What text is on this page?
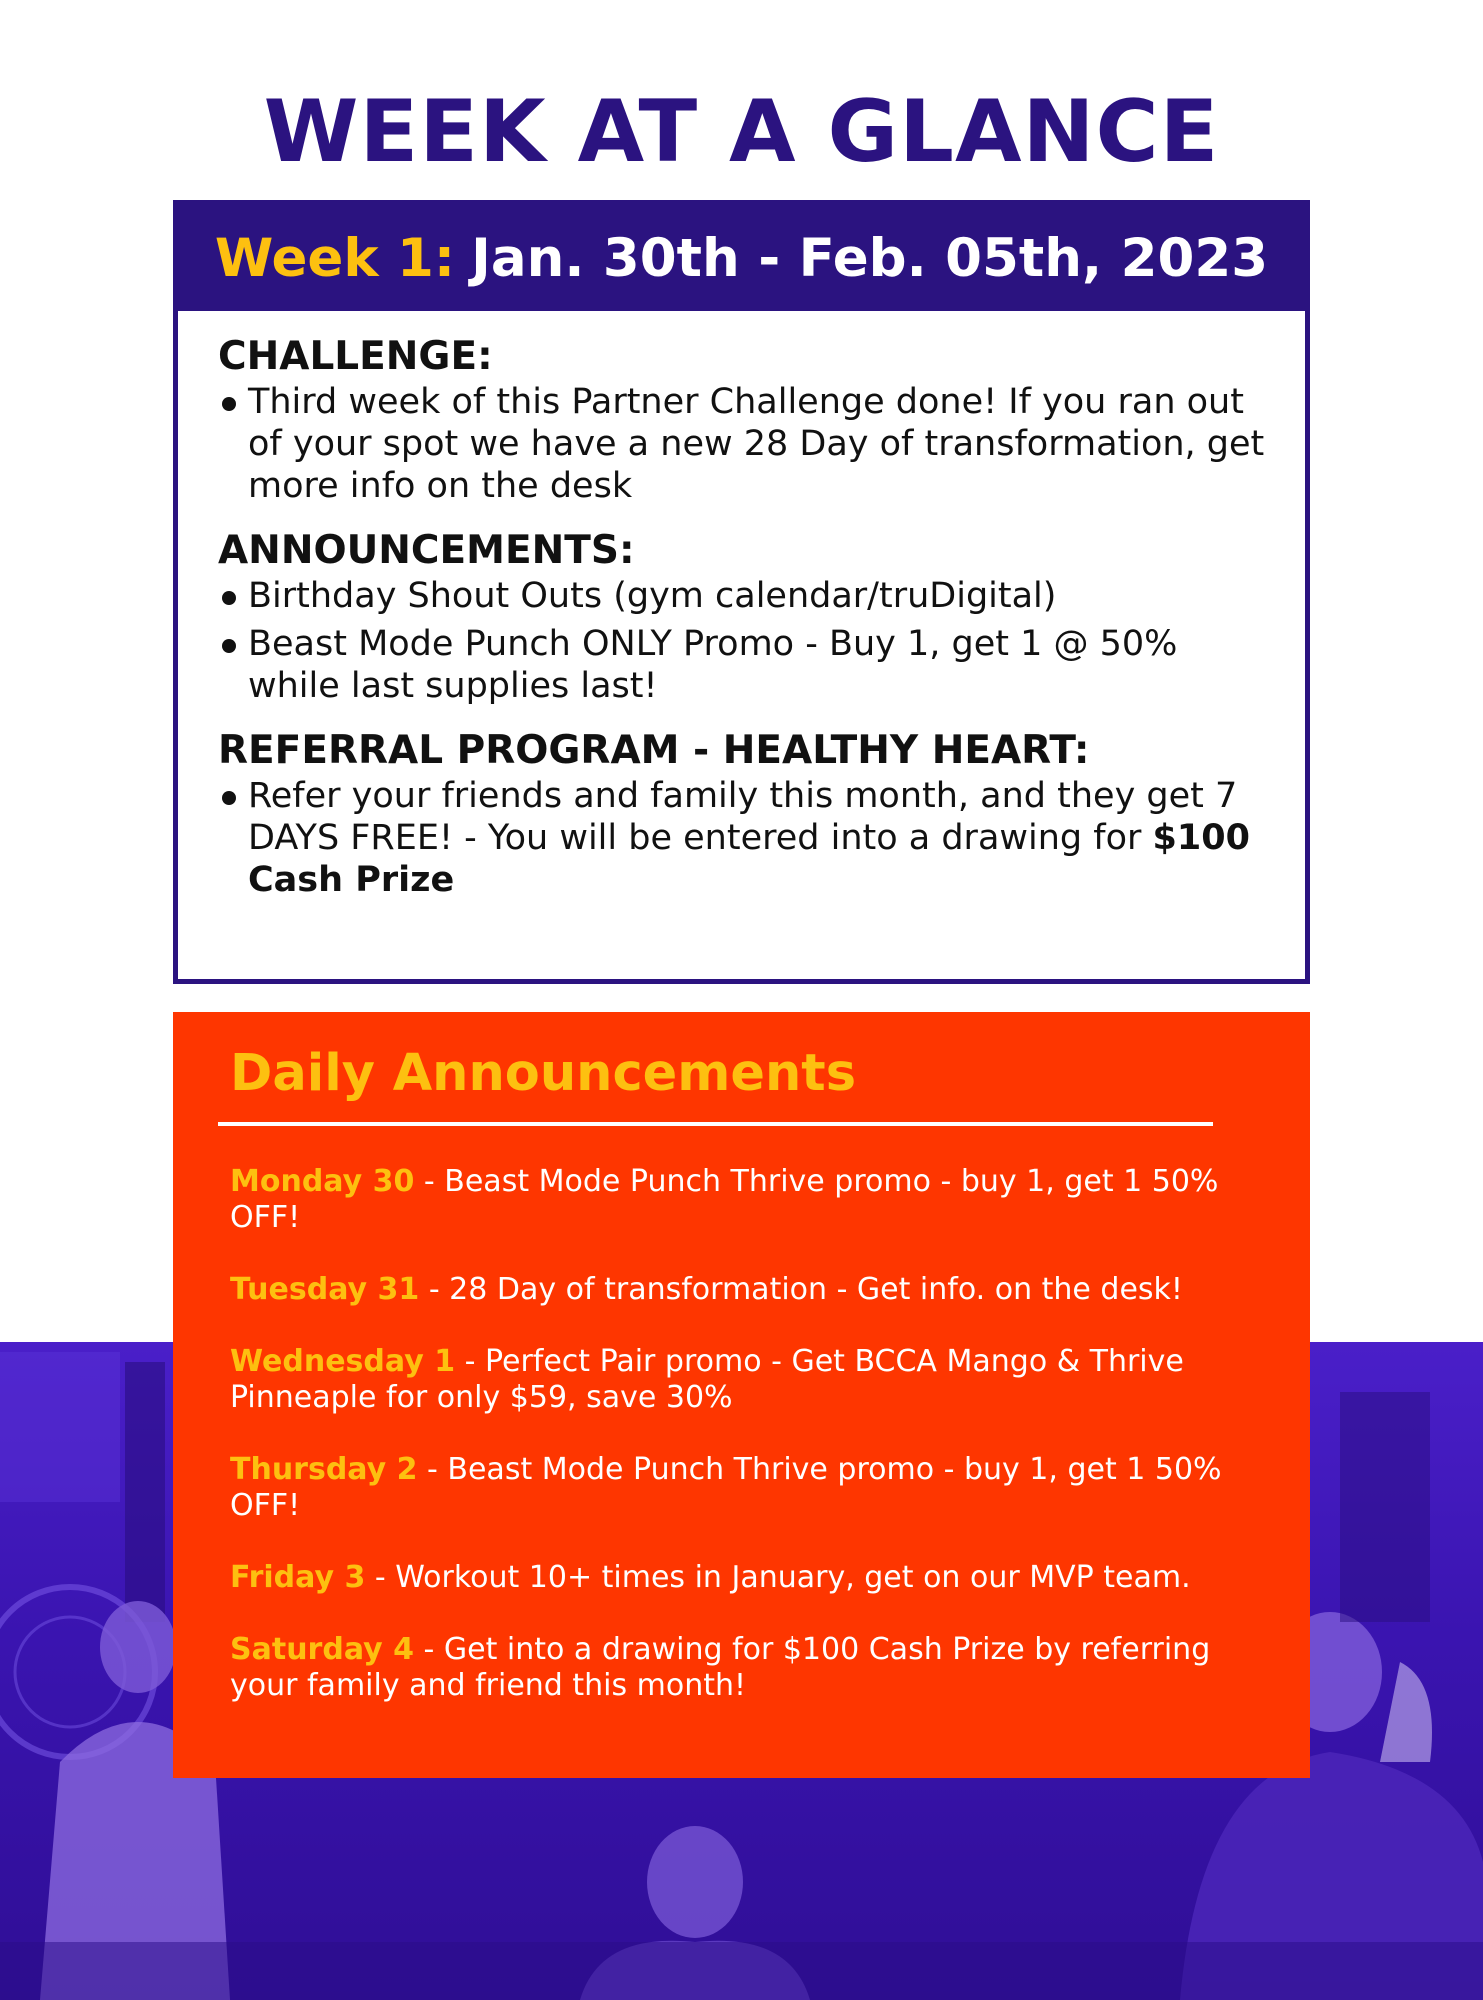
WEEK AT A GLANCE
Week 1: Jan. 30th - Feb. 05th, 2023
CHALLENGE:
Third week of this Partner Challenge done! If you ran out of your spot we have a new 28 Day of transformation, get more info on the desk
ANNOUNCEMENTS:
Birthday Shout Outs (gym calendar/truDigital)
Beast Mode Punch ONLY Promo - Buy 1, get 1 @ 50% while last supplies last!
REFERRAL PROGRAM - HEALTHY HEART:
Refer your friends and family this month, and they get 7 DAYS FREE! - You will be entered into a drawing for $100 Cash Prize
Daily Announcements

Monday 30 - Beast Mode Punch Thrive promo - buy 1, get 1 50% OFF!

Tuesday 31 - 28 Day of transformation - Get info. on the desk!

Wednesday 1 - Perfect Pair promo - Get BCCA Mango & Thrive Pinneaple for only $59, save 30%

Thursday 2 - Beast Mode Punch Thrive promo - buy 1, get 1 50% OFF!

Friday 3 - Workout 10+ times in January, get on our MVP team.

Saturday 4 - Get into a drawing for $100 Cash Prize by referring your family and friend this month!
